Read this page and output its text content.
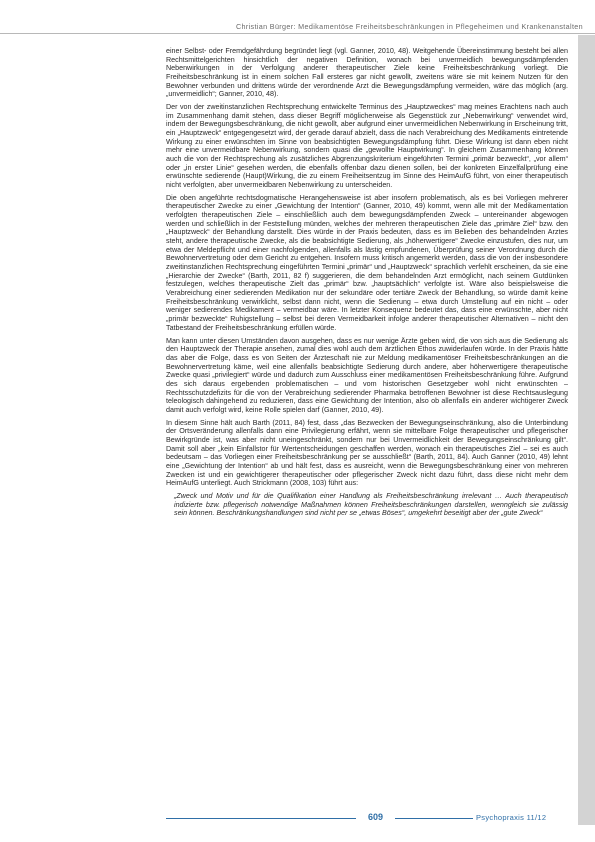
Christian Bürger: Medikamentöse Freiheitsbeschränkungen in Pflegeheimen und Krankenanstalten

einer Selbst- oder Fremdgefährdung begründet liegt (vgl. Ganner, 2010, 48). Weitgehende Übereinstimmung besteht bei allen Rechtsmittelgerichten hinsichtlich der negativen Definition, wonach bei unvermeidlich bewegungsdämpfenden Nebenwirkungen in der Verfolgung anderer therapeutischer Ziele keine Freiheitsbeschränkung vorliegt. Die Freiheitsbeschränkung ist in einem solchen Fall ersteres gar nicht gewollt, zweitens wäre sie mit keinem Nutzen für den Bewohner verbunden und drittens würde der verordnende Arzt die Bewegungsdämpfung vermeiden, wäre das möglich (arg. „unvermeidlich“; Ganner, 2010, 48).

Der von der zweitinstanzlichen Rechtsprechung entwickelte Terminus des „Hauptzweckes“ mag meines Erachtens nach auch im Zusammenhang damit stehen, dass dieser Begriff möglicherweise als Gegenstück zur „Nebenwirkung“ verwendet wird, indem der Bewegungsbeschränkung, die nicht gewollt, aber aufgrund einer unvermeidlichen Nebenwirkung in Erscheinung tritt, ein „Hauptzweck“ entgegengesetzt wird, der gerade darauf abzielt, dass die nach Verabreichung des Medikaments eintretende Wirkung zu einer erwünschten im Sinne von beabsichtigten Bewegungsdämpfung führt. Diese Wirkung ist dann eben nicht mehr eine unvermeidbare Nebenwirkung, sondern quasi die „gewollte Hauptwirkung“. In gleichem Zusammenhang können auch die von der Rechtsprechung als zusätzliches Abgrenzungskriterium eingeführten Termini „primär bezweckt“, „vor allem“ oder „in erster Linie“ gesehen werden, die ebenfalls offenbar dazu dienen sollen, bei der konkreten Einzelfallprüfung eine erwünschte sedierende (Haupt)Wirkung, die zu einem Freiheitsentzug im Sinne des HeimAufG führt, von einer therapeutisch nicht verfolgten, aber unvermeidbaren Nebenwirkung zu unterscheiden.

Die oben angeführte rechtsdogmatische Herangehensweise ist aber insofern problematisch, als es bei Vorliegen mehrerer therapeutischer Zwecke zu einer „Gewichtung der Intention“ (Ganner, 2010, 49) kommt, wenn alle mit der Medikamentation verfolgten therapeutischen Ziele – einschließlich auch dem bewegungsdämpfenden Zweck – untereinander abgewogen werden und schließlich in der Feststellung münden, welches der mehreren therapeutischen Ziele das „primäre Ziel“ bzw. den „Hauptzweck“ der Behandlung darstellt. Dies würde in der Praxis bedeuten, dass es im Belieben des behandelnden Arztes steht, andere therapeutische Zwecke, als die beabsichtigte Sedierung, als „höherwertigere“ Zwecke einzustufen, dies nur, um etwa der Meldepflicht und einer nachfolgenden, allenfalls als lästig empfundenen, Überprüfung seiner Verordnung durch die Bewohnervertretung oder dem Gericht zu entgehen. Insofern muss kritisch angemerkt werden, dass die von der insbesondere zweitinstanzlichen Rechtsprechung eingeführten Termini „primär“ und „Hauptzweck“ sprachlich verfehlt erscheinen, da sie eine „Hierarchie der Zwecke“ (Barth, 2011, 82 f) suggerieren, die dem behandelnden Arzt ermöglicht, nach seinem Gutdünken festzulegen, welches therapeutische Zielt das „primär“ bzw. „hauptsächlich“ verfolgte ist. Wäre also beispielsweise die Verabreichung einer sedierenden Medikation nur der sekundäre oder tertiäre Zweck der Behandlung, so würde damit keine Freiheitsbeschränkung verwirklicht, selbst dann nicht, wenn die Sedierung – etwa durch Umstellung auf ein nicht – oder weniger sedierendes Medikament – vermeidbar wäre. In letzter Konsequenz bedeutet das, dass eine erwünschte, aber nicht „primär bezweckte“ Ruhigstellung – selbst bei deren Vermeidbarkeit infolge anderer therapeutischer Alternativen – nicht den Tatbestand der Freiheitsbeschränkung erfüllen würde.

Man kann unter diesen Umständen davon ausgehen, dass es nur wenige Ärzte geben wird, die von sich aus die Sedierung als den Hauptzweck der Therapie ansehen, zumal dies wohl auch dem ärztlichen Ethos zuwiderlaufen würde. In der Praxis hätte das aber die Folge, dass es von Seiten der Ärzteschaft nie zur Meldung medikamentöser Freiheitsbeschränkungen an die Bewohnervertretung käme, weil eine allenfalls beabsichtigte Sedierung durch andere, aber höherwertigere therapeutische Zwecke quasi „privilegiert“ würde und dadurch zum Ausschluss einer medikamentösen Freiheitsbeschränkung führe. Aufgrund des sich daraus ergebenden problematischen – und vom historischen Gesetzgeber wohl nicht erwünschten – Rechtsschutzdefizits für die von der Verabreichung sedierender Pharmaka betroffenen Bewohner ist diese Rechtsauslegung teleologisch dahingehend zu reduzieren, dass eine Gewichtung der Intention, also ob allenfalls ein anderer wichtigerer Zweck damit auch verfolgt wird, keine Rolle spielen darf (Ganner, 2010, 49).

In diesem Sinne hält auch Barth (2011, 84) fest, dass „das Bezwecken der Bewegungseinschränkung, also die Unterbindung der Ortsveränderung allenfalls dann eine Privilegierung erfährt, wenn sie mittelbare Folge therapeutischer und pflegerischer Bewirkgründe ist, was aber nicht uneingeschränkt, sondern nur bei Unvermeidlichkeit der Bewegungseinschränkung gilt“. Damit soll aber „kein Einfallstor für Wertentscheidungen geschaffen werden, wonach ein therapeutisches Ziel – sei es auch bedeutsam – das Vorliegen einer Freiheitsbeschränkung per se ausschließt“ (Barth, 2011, 84). Auch Ganner (2010, 49) lehnt eine „Gewichtung der Intention“ ab und hält fest, dass es ausreicht, wenn die Bewegungsbeschränkung einer von mehreren Zwecken ist und ein gewichtigerer therapeutischer oder pflegerischer Zweck nicht dazu führt, dass diese nicht mehr dem HeimAufG unterliegt. Auch Strickmann (2008, 103) führt aus:

„Zweck und Motiv und für die Qualifikation einer Handlung als Freiheitsbeschränkung irrelevant … Auch therapeutisch indizierte bzw. pflegerisch notwendige Maßnahmen können Freiheitsbeschränkungen darstellen, wenngleich sie zulässig sein können. Beschränkungshandlungen sind nicht per se „etwas Böses“, umgekehrt beseitigt aber der „gute Zweck“
609	Psychopraxis 11/12
